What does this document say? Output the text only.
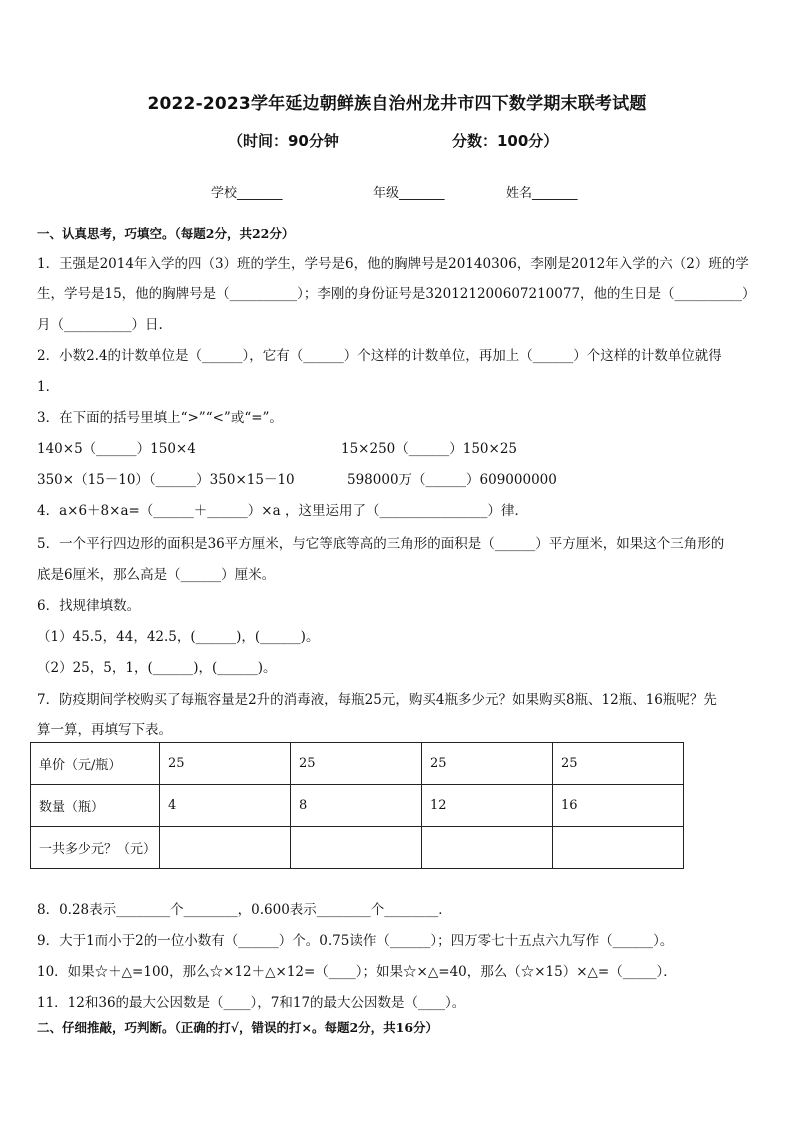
2022-2023学年延边朝鲜族自治州龙井市四下数学期末联考试题
（时间：90分钟	分数：100分）
学校_______	年级_______	姓名_______
一、认真思考，巧填空。（每题2分，共22分）
1．王强是2014年入学的四（3）班的学生，学号是6，他的胸牌号是20140306，李刚是2012年入学的六（2）班的学
生，学号是15，他的胸牌号是（__________）；李刚的身份证号是320121200607210077，他的生日是（__________）
月（__________）日.
2．小数2.4的计数单位是（______），它有（______）个这样的计数单位，再加上（______）个这样的计数单位就得
1．
3．在下面的括号里填上“>”“<”或“=”。
140×5（______）150×4	15×250（______）150×25
350×（15－10）（______）350×15－10	598000万（______）609000000
4．a×6＋8×a=（______＋______）×a ，这里运用了（________________）律．
5．一个平行四边形的面积是36平方厘米，与它等底等高的三角形的面积是（______）平方厘米，如果这个三角形的
底是6厘米，那么高是（______）厘米。
6．找规律填数。
（1）45.5，44，42.5，(______)，(______)。
（2）25，5，1，(______)，(______)。
7．防疫期间学校购买了每瓶容量是2升的消毒液，每瓶25元，购买4瓶多少元？如果购买8瓶、12瓶、16瓶呢？先
算一算，再填写下表。
单价（元/瓶）	25	25	25	25
数量（瓶）	4	8	12	16
一共多少元？（元）				
8．0.28表示________个________，0.600表示________个________．
9．大于1而小于2的一位小数有（______）个。0.75读作（______）；四万零七十五点六九写作（______）。
10．如果☆＋△=100，那么☆×12＋△×12=（____）；如果☆×△=40，那么（☆×15）×△=（_____）．
11．12和36的最大公因数是（____），7和17的最大公因数是（____）。
二、仔细推敲，巧判断。（正确的打√，错误的打×。每题2分，共16分）
